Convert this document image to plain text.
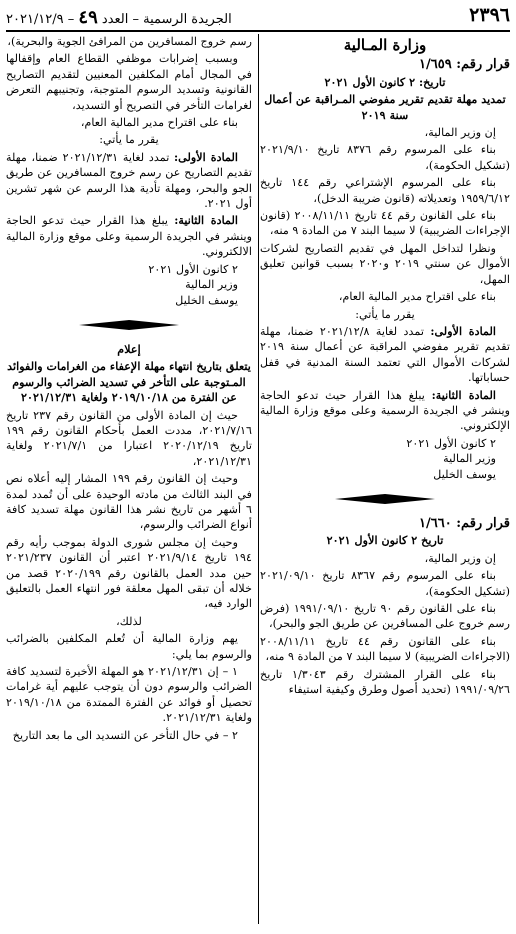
٢٣٩٦
الجريدة الرسمية – العدد ٤٩ – ٢٠٢١/١٢/٩

وزارة المـالية

قرار رقم: ١/٦٥٩

تاريخ: ٢ كانون الأول ٢٠٢١

تمديد مهلة تقديم تقرير مفوضي المـراقبة عن أعمال سنة ٢٠١٩

إن وزير المالية،

بناء على المرسوم رقم ٨٣٧٦ تاريخ ٢٠٢١/٩/١٠ (تشكيل الحكومة)،

بناء على المرسوم الإشتراعي رقم ١٤٤ تاريخ ١٩٥٩/٦/١٢ وتعديلاته (قانون ضريبة الدخل)،

بناء على القانون رقم ٤٤ تاريخ ٢٠٠٨/١١/١١ (قانون الإجراءات الضريبية) لا سيما البند ٧ من المادة ٩ منه،

ونظرا لتداخل المهل في تقديم التصاريح لشركات الأموال عن سنتي ٢٠١٩ و٢٠٢٠ بسبب قوانين تعليق المهل،

بناء على اقتراح مدير المالية العام،

يقرر ما يأتي:

المادة الأولى: تمدد لغاية ٢٠٢١/١٢/٨ ضمنا، مهلة تقديم تقرير مفوضي المراقبة عن أعمال سنة ٢٠١٩ لشركات الأموال التي تعتمد السنة المدنية في قفل حساباتها.

المادة الثانية: يبلغ هذا القرار حيث تدعو الحاجة وينشر في الجريدة الرسمية وعلى موقع وزارة المالية الإلكتروني.

٢ كانون الأول ٢٠٢١

وزير المالية

يوسف الخليل

قرار رقم: ١/٦٦٠

تاريخ ٢ كانون الأول ٢٠٢١

إن وزير المالية،

بناء على المرسوم رقم ٨٣٦٧ تاريخ ٢٠٢١/٠٩/١٠ (تشكيل الحكومة)،

بناء على القانون رقم ٩٠ تاريخ ١٩٩١/٠٩/١٠ (فرض رسم خروج على المسافرين عن طريق الجو والبحر)،

بناء على القانون رقم ٤٤ تاريخ ٢٠٠٨/١١/١١ (الاجراءات الضريبية) لا سيما البند ٧ من المادة ٩ منه،

بناء على القرار المشترك رقم ١/٣٠٤٣ تاريخ ١٩٩١/٠٩/٢٦ (تحديد أصول وطرق وكيفية استيفاء

رسم خروج المسافرين من المرافئ الجوية والبحرية)،

وبسبب إضرابات موظفي القطاع العام وإقفالها في المجال أمام المكلفين المعنيين لتقديم التصاريح القانونية وتسديد الرسوم المتوجبة، وتجنيبهم التعرض لغرامات التأخر في التصريح أو التسديد،

بناء على اقتراح مدير المالية العام،

يقرر ما يأتي:

المادة الأولى: تمدد لغاية ٢٠٢١/١٢/٣١ ضمنا، مهلة تقديم التصاريح عن رسم خروج المسافرين عن طريق الجو والبحر، ومهلة تأدية هذا الرسم عن شهر تشرين أول ٢٠٢١.

المادة الثانية: يبلغ هذا القرار حيث تدعو الحاجة وينشر في الجريدة الرسمية وعلى موقع وزارة المالية الالكتروني.

٢ كانون الأول ٢٠٢١

وزير المالية

يوسف الخليل

إعلام

يتعلق بتاريخ انتهاء مهلة الإعفاء من الغرامات والفوائد المـتوجبة على التأخر في تسديد الضرائب والرسوم عن الفترة من ٢٠١٩/١٠/١٨ ولغاية ٢٠٢١/١٢/٣١

حيث إن المادة الأولى من القانون رقم ٢٣٧ تاريخ ٢٠٢١/٧/١٦، مددت العمل بأحكام القانون رقم ١٩٩ تاريخ ٢٠٢٠/١٢/١٩ اعتبارا من ٢٠٢١/٧/١ ولغاية ٢٠٢١/١٢/٣١،

وحيث إن القانون رقم ١٩٩ المشار إليه أعلاه نص في البند الثالث من مادته الوحيدة على أن تُمدد لمدة ٦ أشهر من تاريخ نشر هذا القانون مهلة تسديد كافة أنواع الضرائب والرسوم،

وحيث إن مجلس شورى الدولة بموجب رأيه رقم ١٩٤ تاريخ ٢٠٢١/٩/١٤ اعتبر أن القانون ٢٠٢١/٢٣٧ حين مدد العمل بالقانون رقم ٢٠٢٠/١٩٩ قصد من خلاله أن تبقى المهل معلقة فور انتهاء العمل بالتعليق الوارد فيه،

لذلك،

يهم وزارة المالية أن تُعلم المكلفين بالضرائب والرسوم بما يلي:

١ – إن ٢٠٢١/١٢/٣١ هو المهلة الأخيرة لتسديد كافة الضرائب والرسوم دون أن يتوجب عليهم أية غرامات تحصيل أو فوائد عن الفترة الممتدة من ٢٠١٩/١٠/١٨ ولغاية ٢٠٢١/١٢/٣١.

٢ – في حال التأخر عن التسديد الى ما بعد التاريخ
